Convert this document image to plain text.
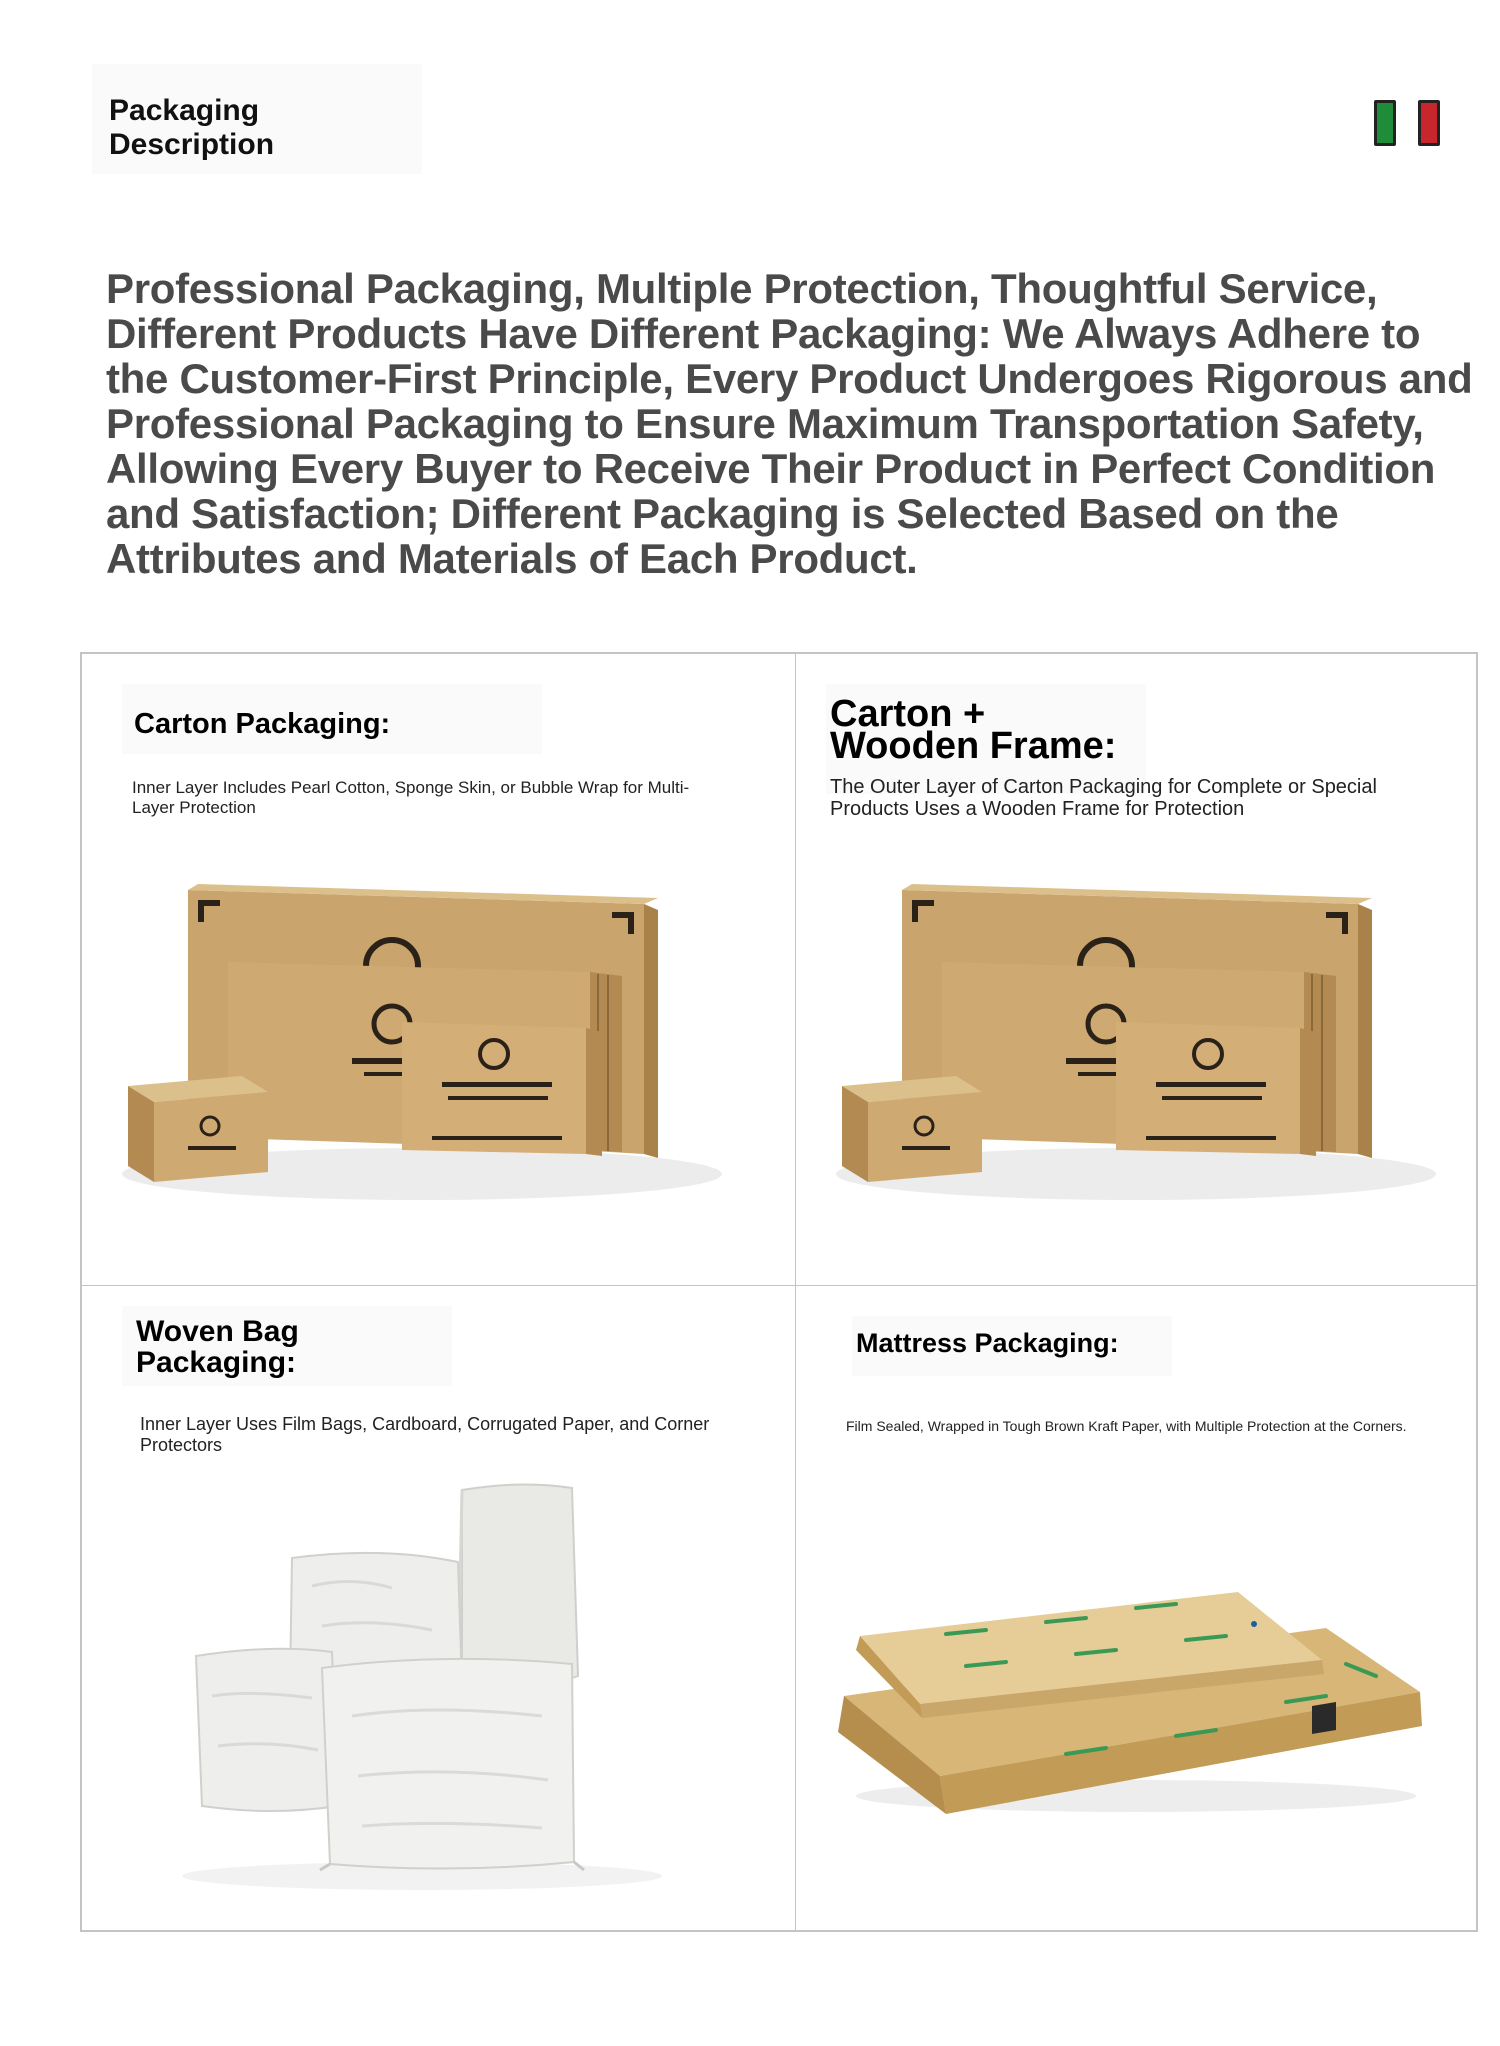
Packaging Description

Professional Packaging, Multiple Protection, Thoughtful Service, Different Products Have Different Packaging: We Always Adhere to the Customer-First Principle, Every Product Undergoes Rigorous and Professional Packaging to Ensure Maximum Transportation Safety, Allowing Every Buyer to Receive Their Product in Perfect Condition and Satisfaction; Different Packaging is Selected Based on the Attributes and Materials of Each Product.

Carton Packaging:

Inner Layer Includes Pearl Cotton, Sponge Skin, or Bubble Wrap for Multi-Layer Protection

Carton +
Wooden Frame:

The Outer Layer of Carton Packaging for Complete or Special Products Uses a Wooden Frame for Protection

Woven Bag
Packaging:

Inner Layer Uses Film Bags, Cardboard, Corrugated Paper, and Corner Protectors

Mattress Packaging:

Film Sealed, Wrapped in Tough Brown Kraft Paper, with Multiple Protection at the Corners.
